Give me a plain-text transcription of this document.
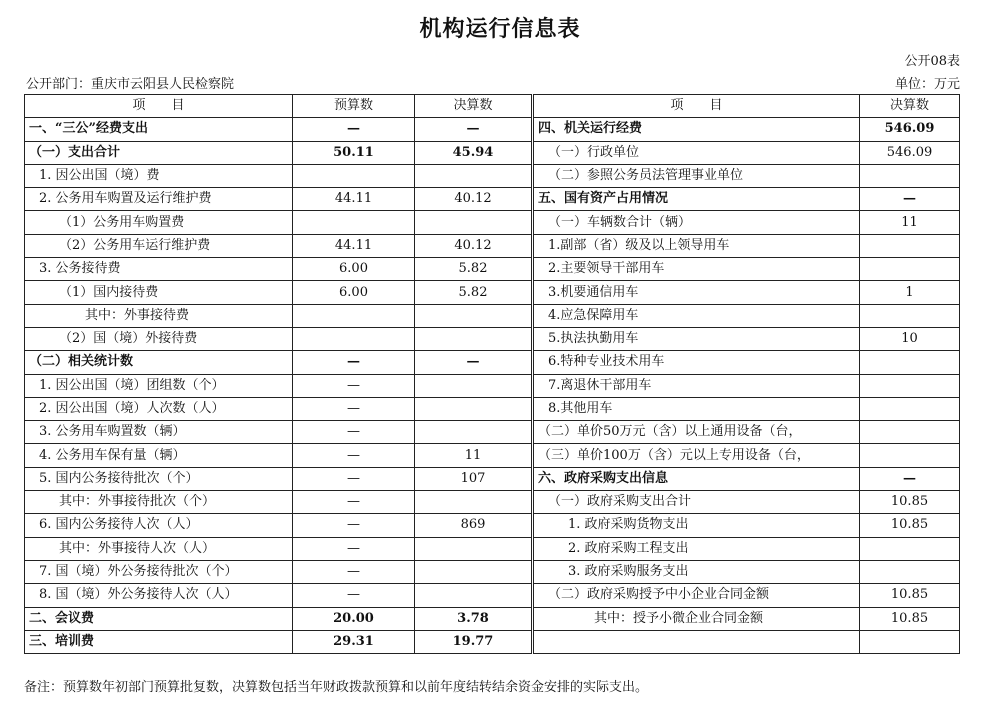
机构运行信息表
公开08表
公开部门：重庆市云阳县人民检察院	单位：万元
项　　目	预算数	决算数		项　　目	决算数
一、“三公”经费支出	—	—		四、机关运行经费	546.09
（一）支出合计	50.11	45.94		（一）行政单位	546.09
1. 因公出国（境）费				（二）参照公务员法管理事业单位	
2. 公务用车购置及运行维护费	44.11	40.12		五、国有资产占用情况	—
（1）公务用车购置费				（一）车辆数合计（辆）	11
（2）公务用车运行维护费	44.11	40.12		1.副部（省）级及以上领导用车	
3. 公务接待费	6.00	5.82		2.主要领导干部用车	
（1）国内接待费	6.00	5.82		3.机要通信用车	1
其中：外事接待费				4.应急保障用车	
（2）国（境）外接待费				5.执法执勤用车	10
（二）相关统计数	—	—		6.特种专业技术用车	
1. 因公出国（境）团组数（个）	—			7.离退休干部用车	
2. 因公出国（境）人次数（人）	—			8.其他用车	
3. 公务用车购置数（辆）	—			（二）单价50万元（含）以上通用设备（台，	
4. 公务用车保有量（辆）	—	11		（三）单价100万（含）元以上专用设备（台，	
5. 国内公务接待批次（个）	—	107		六、政府采购支出信息	—
其中：外事接待批次（个）	—			（一）政府采购支出合计	10.85
6. 国内公务接待人次（人）	—	869		1. 政府采购货物支出	10.85
其中：外事接待人次（人）	—			2. 政府采购工程支出	
7. 国（境）外公务接待批次（个）	—			3. 政府采购服务支出	
8. 国（境）外公务接待人次（人）	—			（二）政府采购授予中小企业合同金额	10.85
二、会议费	20.00	3.78		其中：授予小微企业合同金额	10.85
三、培训费	29.31	19.77			
备注：预算数年初部门预算批复数，决算数包括当年财政拨款预算和以前年度结转结余资金安排的实际支出。
